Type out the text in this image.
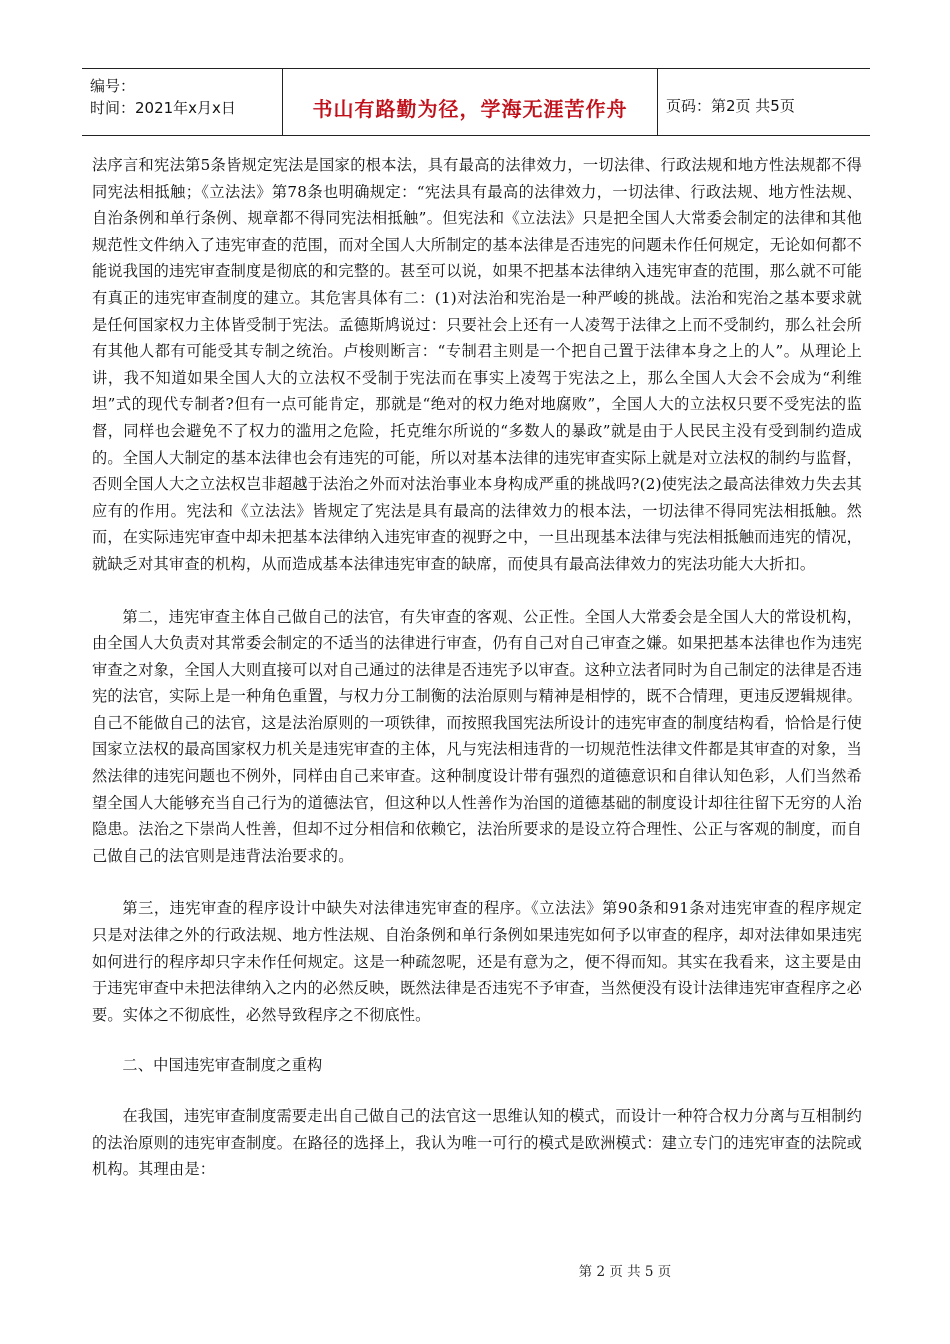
编号：
时间：2021年x月x日	书山有路勤为径，学海无涯苦作舟	页码：第2页 共5页

法序言和宪法第5条皆规定宪法是国家的根本法，具有最高的法律效力，一切法律、行政法规和地方性法规都不得同宪法相抵触；《立法法》第78条也明确规定：“宪法具有最高的法律效力，一切法律、行政法规、地方性法规、自治条例和单行条例、规章都不得同宪法相抵触”。但宪法和《立法法》只是把全国人大常委会制定的法律和其他规范性文件纳入了违宪审查的范围，而对全国人大所制定的基本法律是否违宪的问题未作任何规定，无论如何都不能说我国的违宪审查制度是彻底的和完整的。甚至可以说，如果不把基本法律纳入违宪审查的范围，那么就不可能有真正的违宪审查制度的建立。其危害具体有二：(1)对法治和宪治是一种严峻的挑战。法治和宪治之基本要求就是任何国家权力主体皆受制于宪法。孟德斯鸠说过：只要社会上还有一人凌驾于法律之上而不受制约，那么社会所有其他人都有可能受其专制之统治。卢梭则断言：“专制君主则是一个把自己置于法律本身之上的人”。从理论上讲，我不知道如果全国人大的立法权不受制于宪法而在事实上凌驾于宪法之上，那么全国人大会不会成为“利维坦”式的现代专制者?但有一点可能肯定，那就是“绝对的权力绝对地腐败”，全国人大的立法权只要不受宪法的监督，同样也会避免不了权力的滥用之危险，托克维尔所说的“多数人的暴政”就是由于人民民主没有受到制约造成的。全国人大制定的基本法律也会有违宪的可能，所以对基本法律的违宪审查实际上就是对立法权的制约与监督，否则全国人大之立法权岂非超越于法治之外而对法治事业本身构成严重的挑战吗?(2)使宪法之最高法律效力失去其应有的作用。宪法和《立法法》皆规定了宪法是具有最高的法律效力的根本法，一切法律不得同宪法相抵触。然而，在实际违宪审查中却未把基本法律纳入违宪审查的视野之中，一旦出现基本法律与宪法相抵触而违宪的情况，就缺乏对其审查的机构，从而造成基本法律违宪审查的缺席，而使具有最高法律效力的宪法功能大大折扣。

第二，违宪审查主体自己做自己的法官，有失审查的客观、公正性。全国人大常委会是全国人大的常设机构，由全国人大负责对其常委会制定的不适当的法律进行审查，仍有自己对自己审查之嫌。如果把基本法律也作为违宪审查之对象，全国人大则直接可以对自己通过的法律是否违宪予以审查。这种立法者同时为自己制定的法律是否违宪的法官，实际上是一种角色重置，与权力分工制衡的法治原则与精神是相悖的，既不合情理，更违反逻辑规律。自己不能做自己的法官，这是法治原则的一项铁律，而按照我国宪法所设计的违宪审查的制度结构看，恰恰是行使国家立法权的最高国家权力机关是违宪审查的主体，凡与宪法相违背的一切规范性法律文件都是其审查的对象，当然法律的违宪问题也不例外，同样由自己来审查。这种制度设计带有强烈的道德意识和自律认知色彩，人们当然希望全国人大能够充当自己行为的道德法官，但这种以人性善作为治国的道德基础的制度设计却往往留下无穷的人治隐患。法治之下崇尚人性善，但却不过分相信和依赖它，法治所要求的是设立符合理性、公正与客观的制度，而自己做自己的法官则是违背法治要求的。

第三，违宪审查的程序设计中缺失对法律违宪审查的程序。《立法法》第90条和91条对违宪审查的程序规定只是对法律之外的行政法规、地方性法规、自治条例和单行条例如果违宪如何予以审查的程序，却对法律如果违宪如何进行的程序却只字未作任何规定。这是一种疏忽呢，还是有意为之，便不得而知。其实在我看来，这主要是由于违宪审查中未把法律纳入之内的必然反映，既然法律是否违宪不予审查，当然便没有设计法律违宪审查程序之必要。实体之不彻底性，必然导致程序之不彻底性。

二、中国违宪审查制度之重构

在我国，违宪审查制度需要走出自己做自己的法官这一思维认知的模式，而设计一种符合权力分离与互相制约的法治原则的违宪审查制度。在路径的选择上，我认为唯一可行的模式是欧洲模式：建立专门的违宪审查的法院或机构。其理由是：

第 2 页 共 5 页
